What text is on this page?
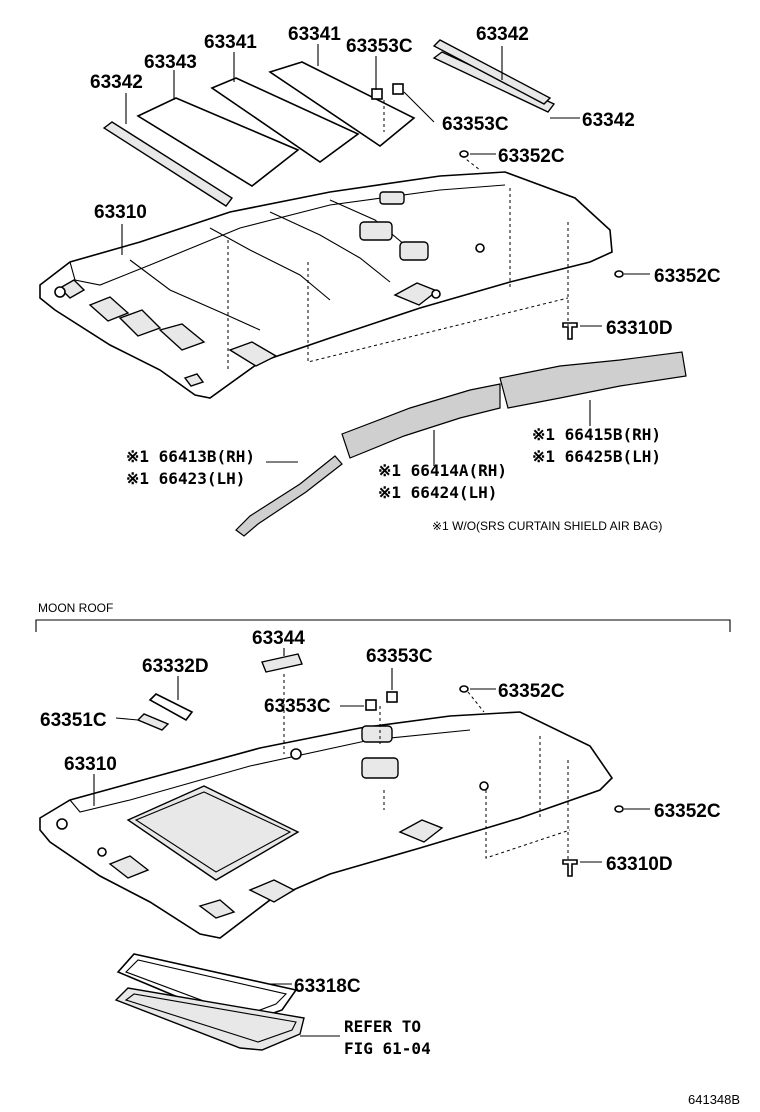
63342
63343
63341 63341
63353C
63342
63353C	63342
63352C
63310
63352C
63310D
※1 66413B(RH)
※1 66423(LH)	※1 66414A(RH)
※1 66424(LH)
※1 66415B(RH)
※1 66425B(LH)
※1 W/O(SRS CURTAIN SHIELD AIR BAG)
MOON ROOF
63344
63332D	63353C
63351C
63353C
63352C
63310
63352C
63310D
63318C
REFER TO
FIG 61-04
641348B
